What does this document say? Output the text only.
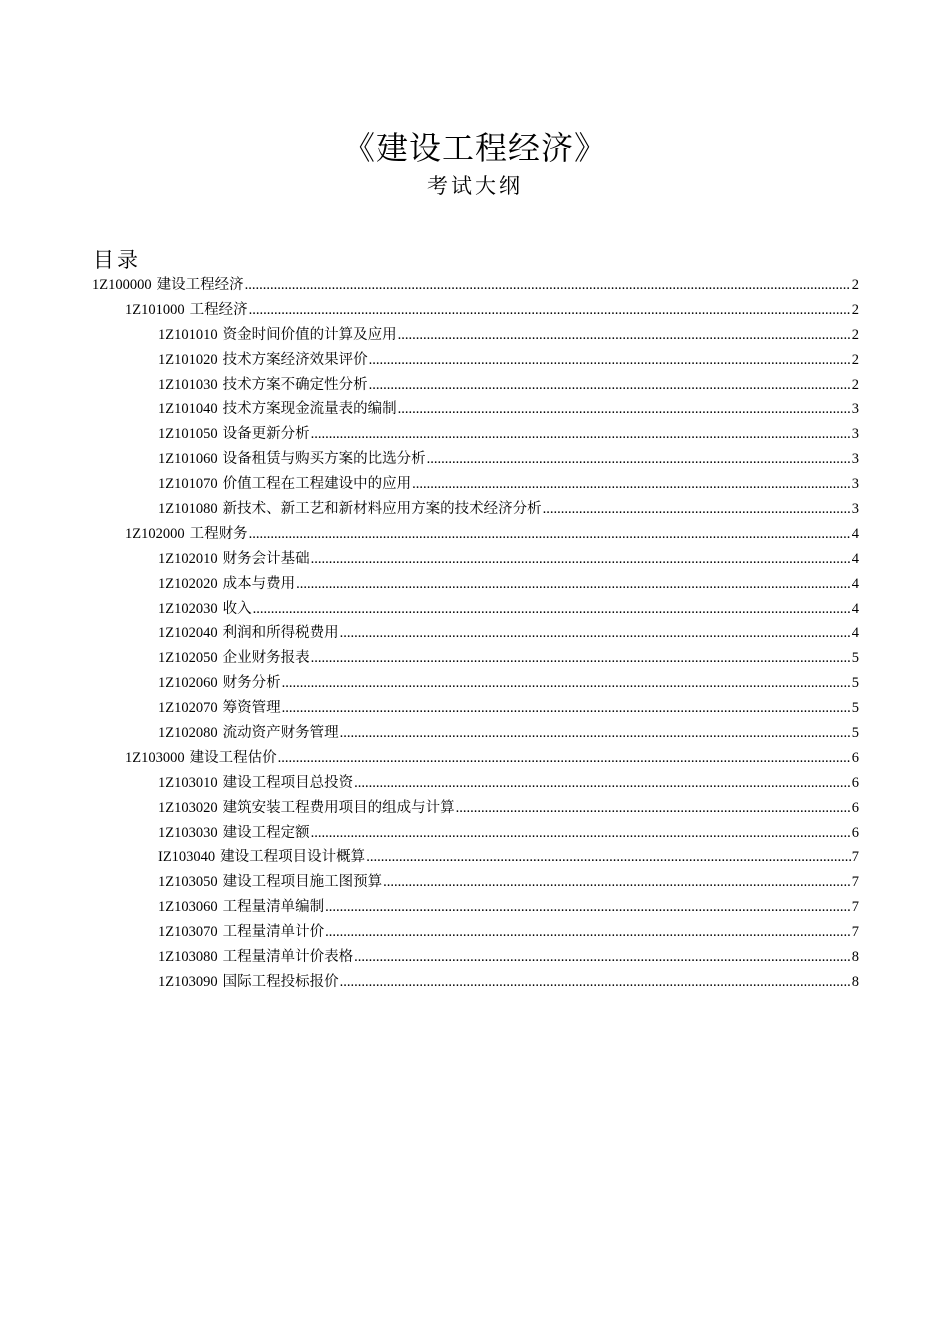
《建设工程经济》
考试大纲
目录
1Z100000 建设工程经济 .....	2
1Z101000 工程经济 .....	2
1Z101010 资金时间价值的计算及应用 .....	2
1Z101020 技术方案经济效果评价 .....	2
1Z101030 技术方案不确定性分析 .....	2
1Z101040 技术方案现金流量表的编制 .....	3
1Z101050 设备更新分析 .....	3
1Z101060 设备租赁与购买方案的比选分析 .....	3
1Z101070 价值工程在工程建设中的应用 .....	3
1Z101080 新技术、新工艺和新材料应用方案的技术经济分析 .....	3
1Z102000 工程财务 .....	4
1Z102010 财务会计基础 .....	4
1Z102020 成本与费用 .....	4
1Z102030 收入 .....	4
1Z102040 利润和所得税费用 .....	4
1Z102050 企业财务报表 .....	5
1Z102060 财务分析 .....	5
1Z102070 筹资管理 .....	5
1Z102080 流动资产财务管理 .....	5
1Z103000 建设工程估价 .....	6
1Z103010 建设工程项目总投资 .....	6
1Z103020 建筑安装工程费用项目的组成与计算 .....	6
1Z103030 建设工程定额 .....	6
IZ103040 建设工程项目设计概算 .....	7
1Z103050 建设工程项目施工图预算 .....	7
1Z103060 工程量清单编制 .....	7
1Z103070 工程量清单计价 .....	7
1Z103080 工程量清单计价表格 .....	8
1Z103090 国际工程投标报价 .....	8
